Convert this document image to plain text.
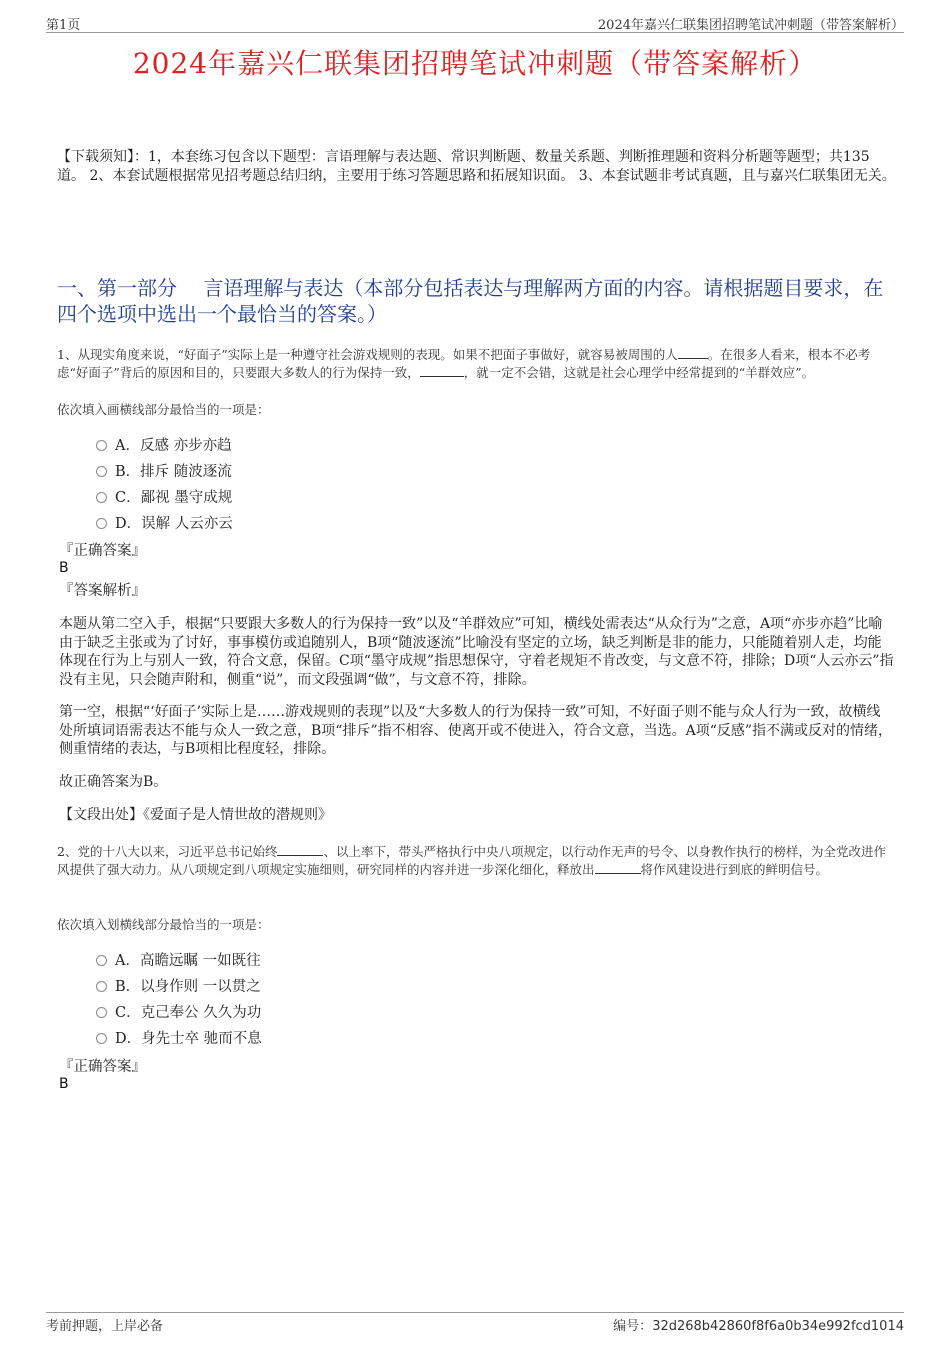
第1页	2024年嘉兴仁联集团招聘笔试冲刺题（带答案解析）
2024年嘉兴仁联集团招聘笔试冲刺题（带答案解析）
【下载须知】：1，本套练习包含以下题型：言语理解与表达题、常识判断题、数量关系题、判断推理题和资料分析题等题型；共135道。 2、本套试题根据常见招考题总结归纳，主要用于练习答题思路和拓展知识面。 3、本套试题非考试真题，且与嘉兴仁联集团无关。
一、第一部分　 言语理解与表达（本部分包括表达与理解两方面的内容。请根据题目要求，在四个选项中选出一个最恰当的答案。）
1、从现实角度来说，“好面子”实际上是一种遵守社会游戏规则的表现。如果不把面子事做好，就容易被周围的人 。在很多人看来，根本不必考虑“好面子”背后的原因和目的，只要跟大多数人的行为保持一致，	，就一定不会错，这就是社会心理学中经常提到的“羊群效应”。
依次填入画横线部分最恰当的一项是：
A．反感 亦步亦趋
B．排斥 随波逐流
C．鄙视 墨守成规
D．误解 人云亦云
『正确答案』
B
『答案解析』
本题从第二空入手，根据“只要跟大多数人的行为保持一致”以及“羊群效应”可知，横线处需表达“从众行为”之意，A项“亦步亦趋”比喻由于缺乏主张或为了讨好，事事模仿或追随别人，B项“随波逐流”比喻没有坚定的立场，缺乏判断是非的能力，只能随着别人走，均能体现在行为上与别人一致，符合文意，保留。C项“墨守成规”指思想保守，守着老规矩不肯改变，与文意不符，排除；D项“人云亦云”指没有主见，只会随声附和，侧重“说”，而文段强调“做”，与文意不符，排除。
第一空，根据“‘好面子’实际上是……游戏规则的表现”以及“大多数人的行为保持一致”可知，不好面子则不能与众人行为一致，故横线处所填词语需表达不能与众人一致之意，B项“排斥”指不相容、使离开或不使进入，符合文意，当选。A项“反感”指不满或反对的情绪，侧重情绪的表达，与B项相比程度轻，排除。
故正确答案为B。
【文段出处】《爱面子是人情世故的潜规则》
2、党的十八大以来，习近平总书记始终	、以上率下，带头严格执行中央八项规定，以行动作无声的号令、以身教作执行的榜样，为全党改进作风提供了强大动力。从八项规定到八项规定实施细则，研究同样的内容并进一步深化细化，释放出	将作风建设进行到底的鲜明信号。
依次填入划横线部分最恰当的一项是：
A．高瞻远瞩 一如既往
B．以身作则 一以贯之
C．克己奉公 久久为功
D．身先士卒 驰而不息
『正确答案』
B
考前押题，上岸必备	编号：32d268b42860f8f6a0b34e992fcd1014
